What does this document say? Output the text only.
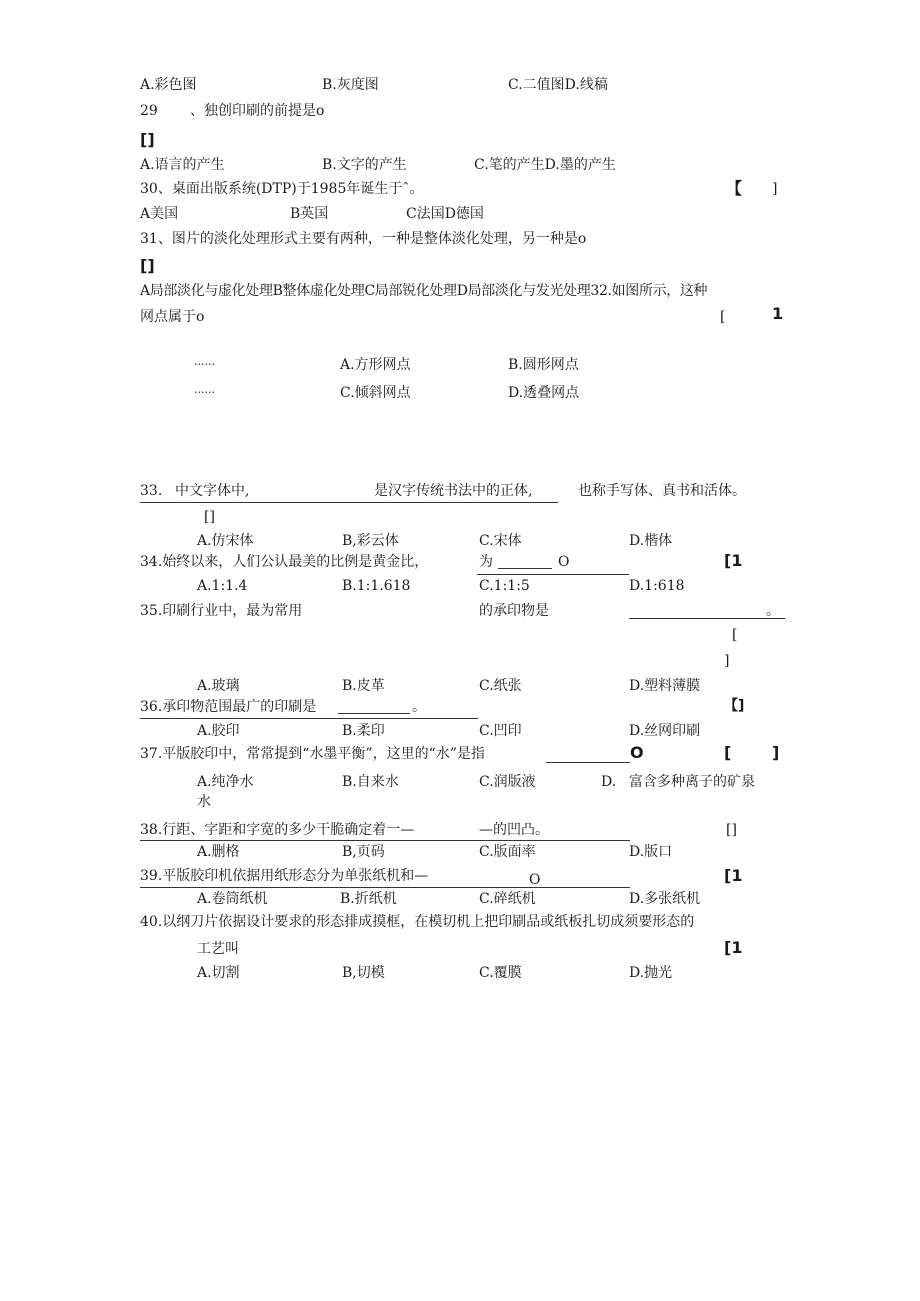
A.彩色图	B.灰度图	C.二值图D.线稿
29 、独创印刷的前提是o
[]
A.语言的产生	B.文字的产生	C.笔的产生D.墨的产生
30、桌面出版系统(DTP)于1985年诞生于ˆ。	【 ]
A美国	B英国	C法国D德国
31、图片的淡化处理形式主要有两种，一种是整体淡化处理，另一种是o
[]
A局部淡化与虚化处理B整体虚化处理C局部锐化处理D局部淡化与发光处理32.如图所示，这种
网点属于o	[	1
······	A.方形网点	B.圆形网点
······	C.倾斜网点	D.透叠网点
33. 中文字体中,	是汉字传统书法中的正体,	也称手写体、真书和活体。
[]
A.仿宋体	B,彩云体	C.宋体	D.楷体
34.始终以来，人们公认最美的比例是黄金比，	为	O	[1
A.1:1.4	B.1:1.618	C.1:1:5	D.1:618
35.印刷行业中，最为常用	的承印物是	。
[
]
A.玻璃	B.皮革	C.纸张	D.塑料薄膜
36.承印物范围最广的印刷是	。	【]
A.胶印	B.柔印	C.凹印	D.丝网印刷
37.平版胶印中，常常提到“水墨平衡”，这里的“水”是指	O	[	]
A.纯净水	B.自来水	C.润版液	D. 富含多种离子的矿泉
水
38.行距、字距和字宽的多少干脆确定着一—	—的凹凸。	[]
A.删格	B,页码	C.版面率	D.版口
39.平版胶印机依据用纸形态分为单张纸机和—	O	[1
A.卷筒纸机	B.折纸机	C.碎纸机	D.多张纸机
40.以纲刀片依据设计要求的形态排成摸框，在模切机上把印刷品或纸板扎切成须要形态的
工艺叫	[1
A.切割	B,切模	C.覆膜	D.抛光
